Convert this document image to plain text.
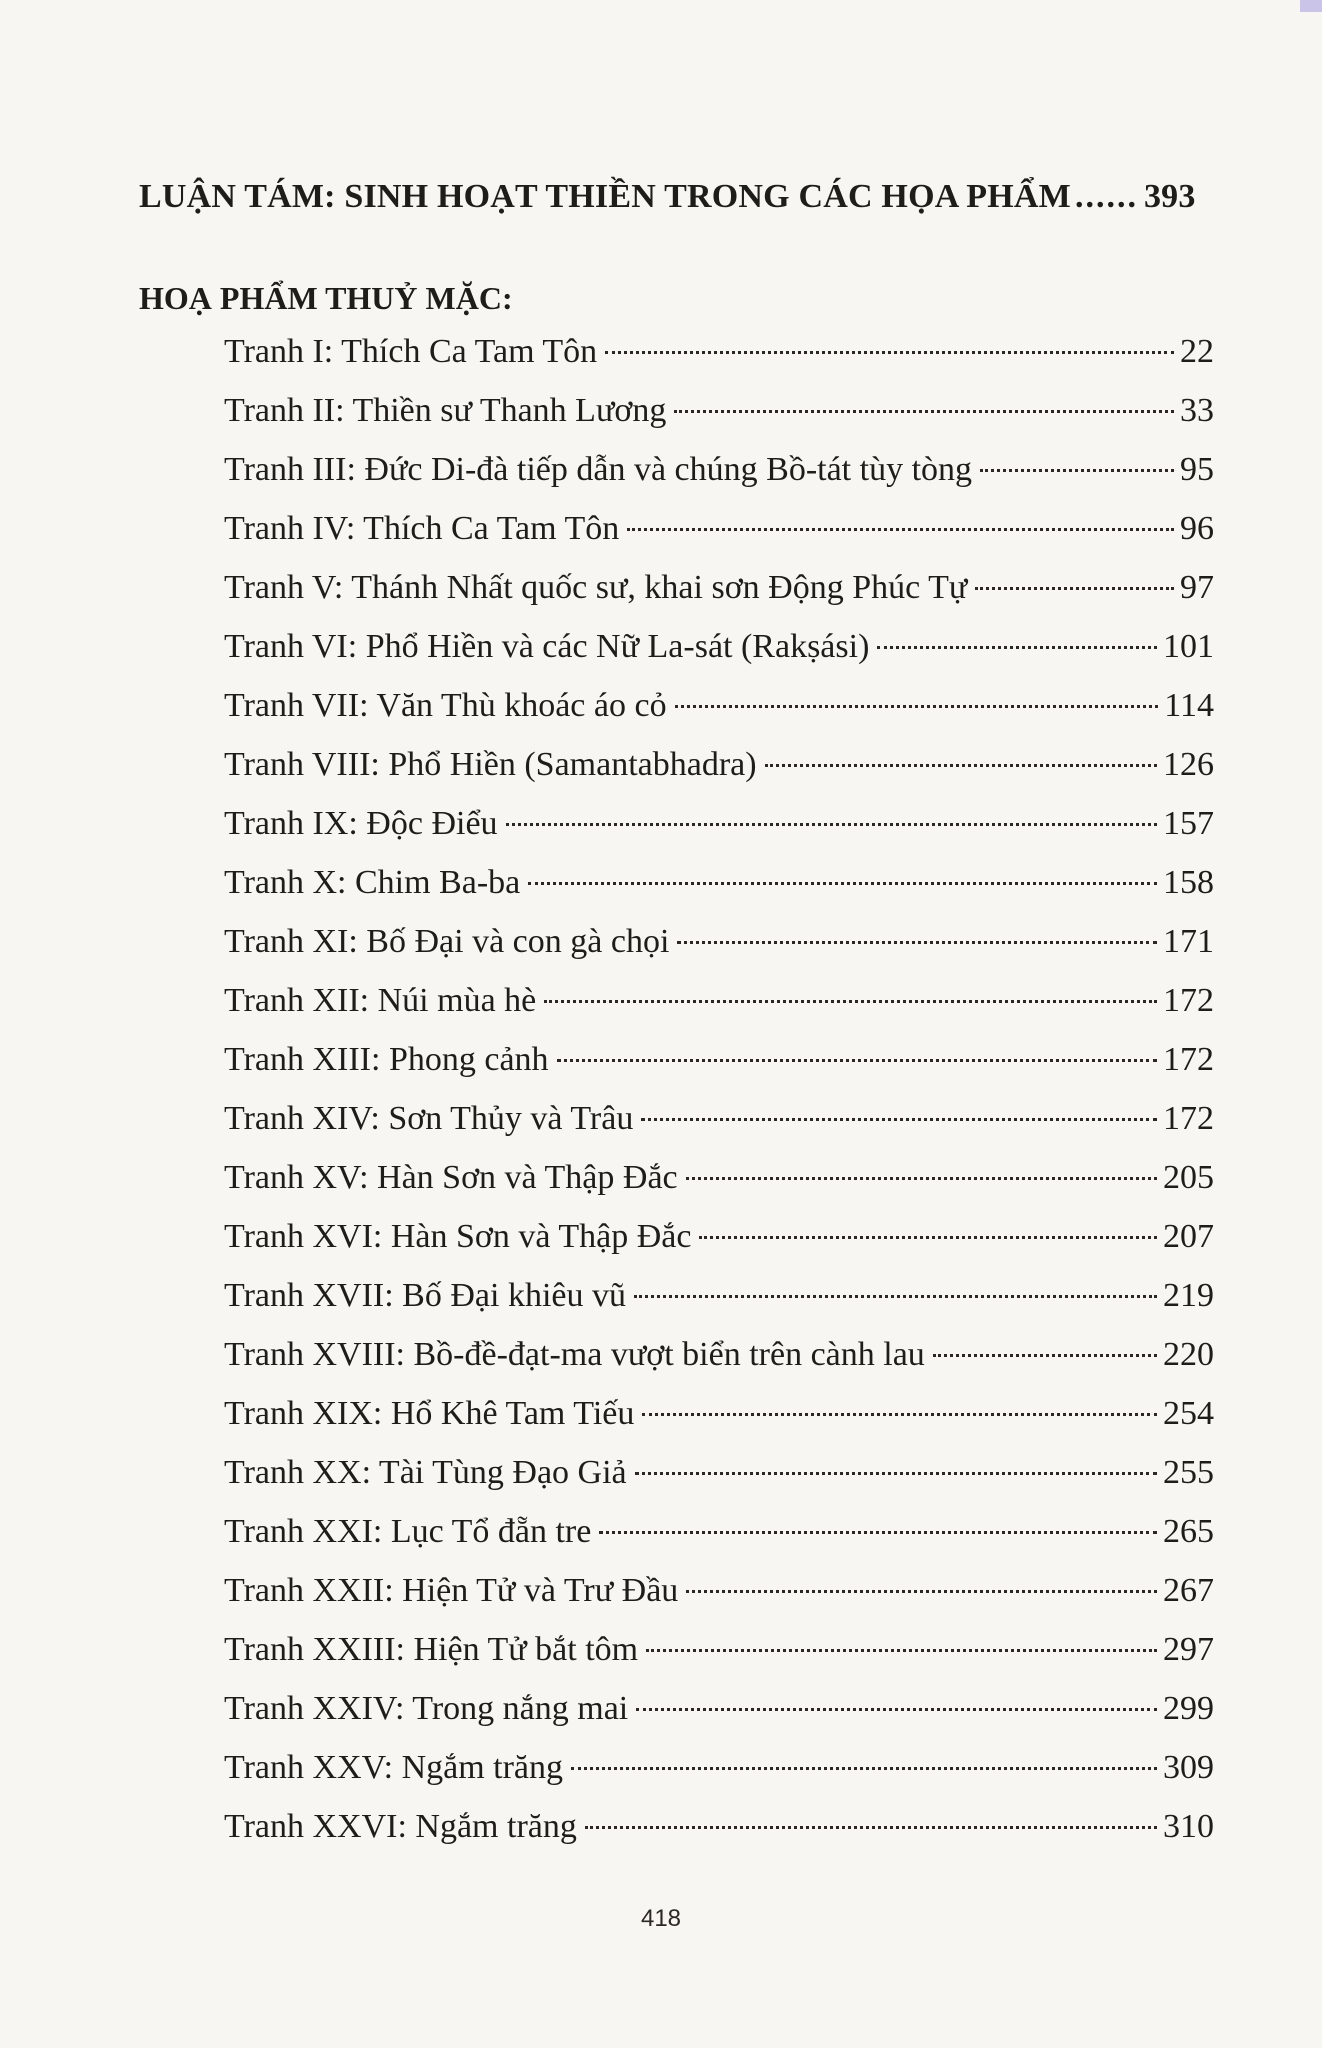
LUẬN TÁM: SINH HOẠT THIỀN TRONG CÁC HỌA PHẨM ...... 393
HOẠ PHẨM THUỶ MẶC:
Tranh I: Thích Ca Tam Tôn	22
Tranh II: Thiền sư Thanh Lương	33
Tranh III: Đức Di-đà tiếp dẫn và chúng Bồ-tát tùy tòng	95
Tranh IV: Thích Ca Tam Tôn	96
Tranh V: Thánh Nhất quốc sư, khai sơn Động Phúc Tự	97
Tranh VI: Phổ Hiền và các Nữ La-sát (Rakṣási)	101
Tranh VII: Văn Thù khoác áo cỏ	114
Tranh VIII: Phổ Hiền (Samantabhadra)	126
Tranh IX: Độc Điểu	157
Tranh X: Chim Ba-ba	158
Tranh XI: Bố Đại và con gà chọi	171
Tranh XII: Núi mùa hè	172
Tranh XIII: Phong cảnh	172
Tranh XIV: Sơn Thủy và Trâu	172
Tranh XV: Hàn Sơn và Thập Đắc	205
Tranh XVI: Hàn Sơn và Thập Đắc	207
Tranh XVII: Bố Đại khiêu vũ	219
Tranh XVIII: Bồ-đề-đạt-ma vượt biển trên cành lau	220
Tranh XIX: Hổ Khê Tam Tiếu	254
Tranh XX: Tài Tùng Đạo Giả	255
Tranh XXI: Lục Tổ đẵn tre	265
Tranh XXII: Hiện Tử và Trư Đầu	267
Tranh XXIII: Hiện Tử bắt tôm	297
Tranh XXIV: Trong nắng mai	299
Tranh XXV: Ngắm trăng	309
Tranh XXVI: Ngắm trăng	310
418
